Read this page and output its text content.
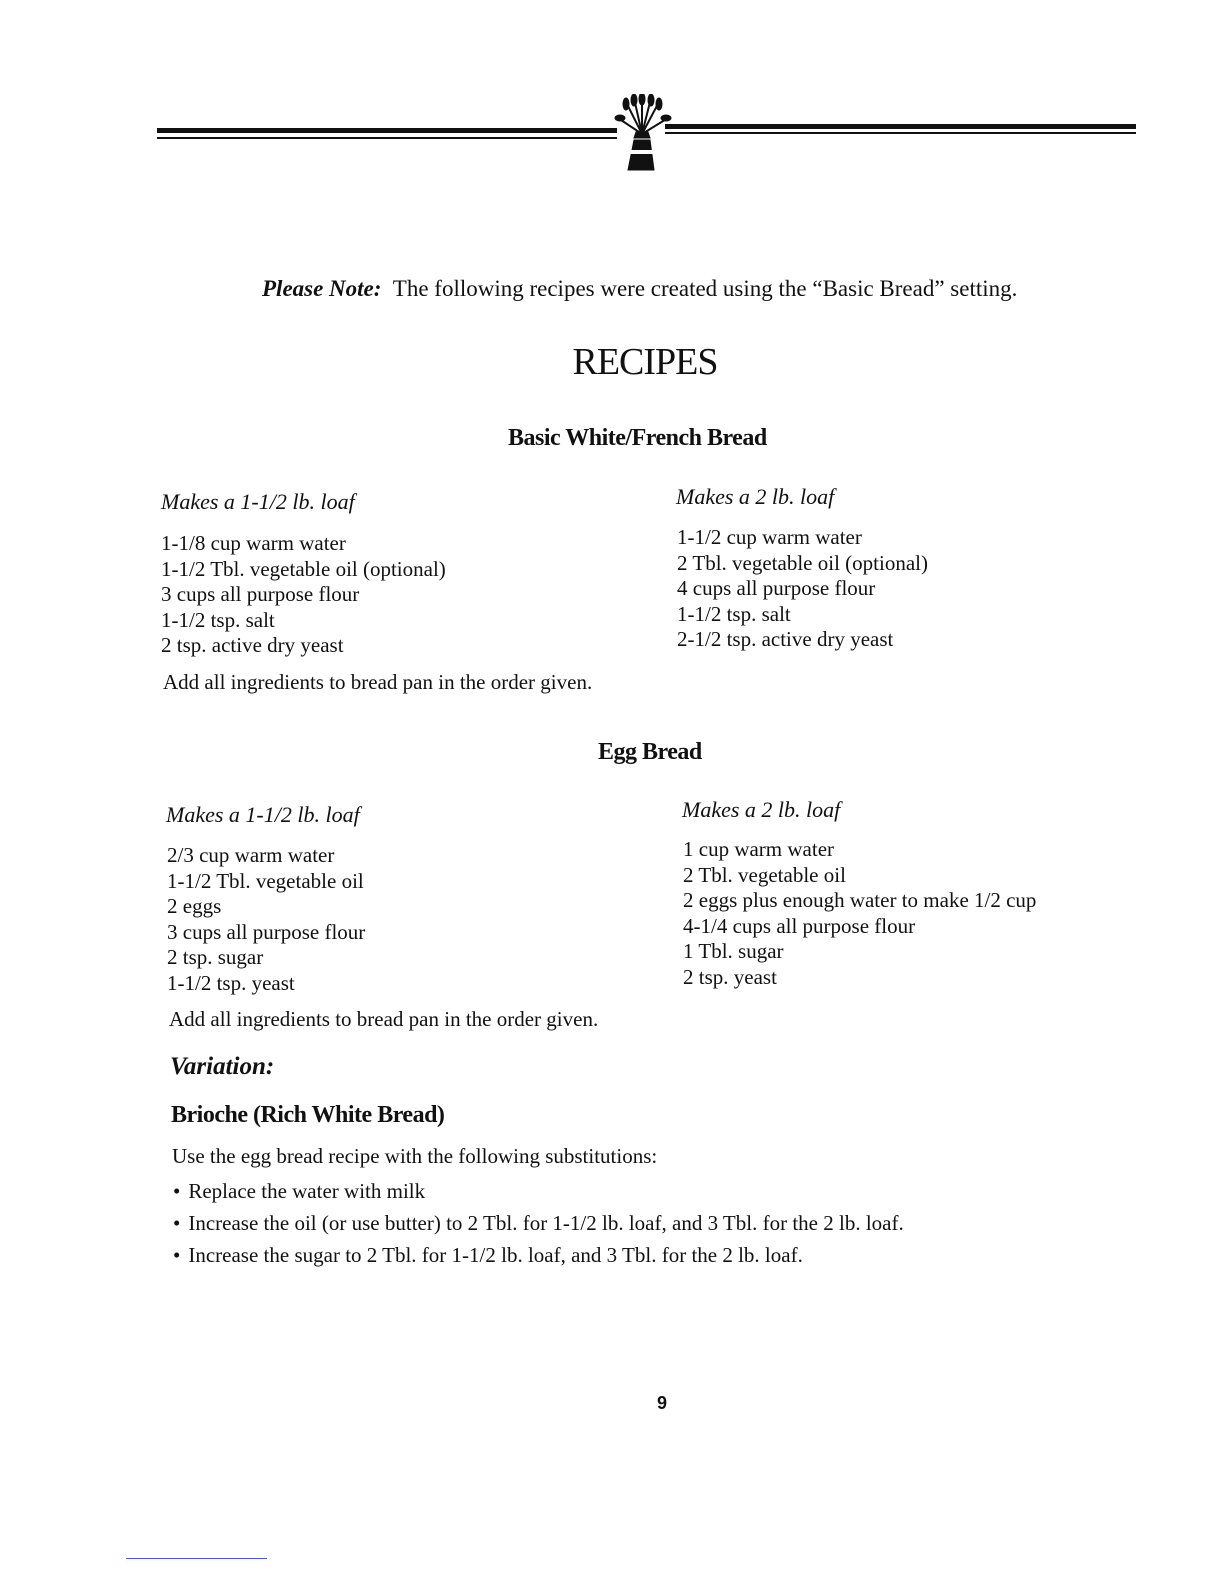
Please Note: The following recipes were created using the “Basic Bread” setting.
RECIPES
Basic White/French Bread
Makes a 1-1/2 lb. loaf
1-1/8 cup warm water
1-1/2 Tbl. vegetable oil (optional)
3 cups all purpose flour
1-1/2 tsp. salt
2 tsp. active dry yeast
Makes a 2 lb. loaf
1-1/2 cup warm water
2 Tbl. vegetable oil (optional)
4 cups all purpose flour
1-1/2 tsp. salt
2-1/2 tsp. active dry yeast
Add all ingredients to bread pan in the order given.
Egg Bread
Makes a 1-1/2 lb. loaf
2/3 cup warm water
1-1/2 Tbl. vegetable oil
2 eggs
3 cups all purpose flour
2 tsp. sugar
1-1/2 tsp. yeast
Makes a 2 lb. loaf
1 cup warm water
2 Tbl. vegetable oil
2 eggs plus enough water to make 1/2 cup
4-1/4 cups all purpose flour
1 Tbl. sugar
2 tsp. yeast
Add all ingredients to bread pan in the order given.
Variation:
Brioche (Rich White Bread)
Use the egg bread recipe with the following substitutions:
• Replace the water with milk
• Increase the oil (or use butter) to 2 Tbl. for 1-1/2 lb. loaf, and 3 Tbl. for the 2 lb. loaf.
• Increase the sugar to 2 Tbl. for 1-1/2 lb. loaf, and 3 Tbl. for the 2 lb. loaf.
9
